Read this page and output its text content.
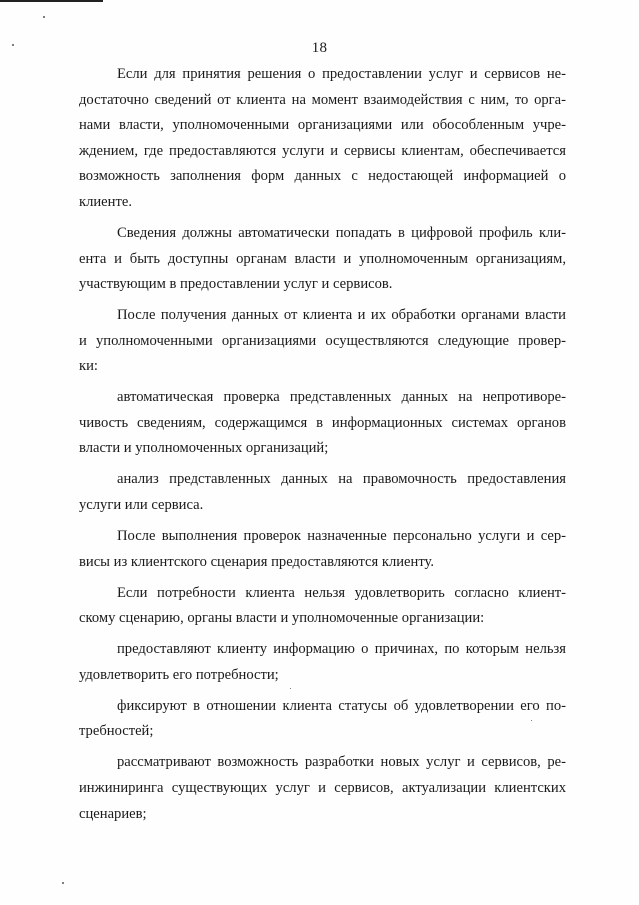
18
Если для принятия решения о предоставлении услуг и сервисов не-
достаточно сведений от клиента на момент взаимодействия с ним, то орга-
нами власти, уполномоченными организациями или обособленным учре-
ждением, где предоставляются услуги и сервисы клиентам, обеспечивается
возможность заполнения форм данных с недостающей информацией о
клиенте.
Сведения должны автоматически попадать в цифровой профиль кли-
ента и быть доступны органам власти и уполномоченным организациям,
участвующим в предоставлении услуг и сервисов.
После получения данных от клиента и их обработки органами власти
и уполномоченными организациями осуществляются следующие провер-
ки:
автоматическая проверка представленных данных на непротиворе-
чивость сведениям, содержащимся в информационных системах органов
власти и уполномоченных организаций;
анализ представленных данных на правомочность предоставления
услуги или сервиса.
После выполнения проверок назначенные персонально услуги и сер-
висы из клиентского сценария предоставляются клиенту.
Если потребности клиента нельзя удовлетворить согласно клиент-
скому сценарию, органы власти и уполномоченные организации:
предоставляют клиенту информацию о причинах, по которым нельзя
удовлетворить его потребности;
фиксируют в отношении клиента статусы об удовлетворении его по-
требностей;
рассматривают возможность разработки новых услуг и сервисов, ре-
инжиниринга существующих услуг и сервисов, актуализации клиентских
сценариев;
